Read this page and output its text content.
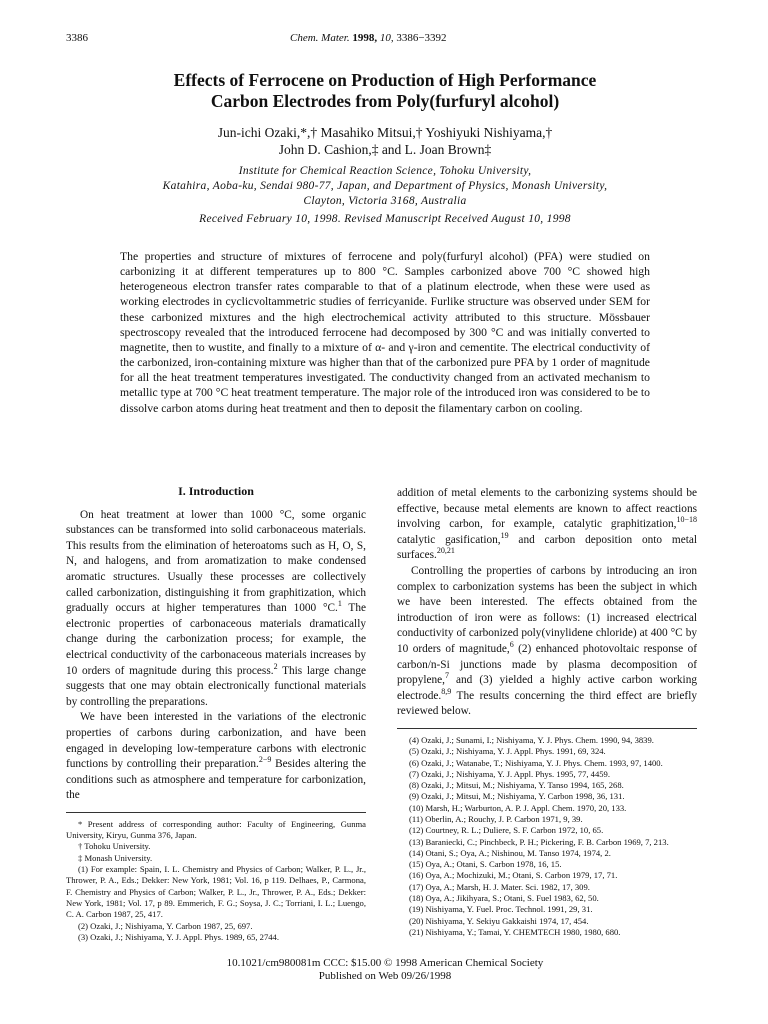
3386	Chem. Mater. 1998, 10, 3386−3392
Effects of Ferrocene on Production of High Performance
Carbon Electrodes from Poly(furfuryl alcohol)
Jun-ichi Ozaki,*,† Masahiko Mitsui,† Yoshiyuki Nishiyama,†
John D. Cashion,‡ and L. Joan Brown‡
Institute for Chemical Reaction Science, Tohoku University,
Katahira, Aoba-ku, Sendai 980-77, Japan, and Department of Physics, Monash University,
Clayton, Victoria 3168, Australia
Received February 10, 1998. Revised Manuscript Received August 10, 1998
The properties and structure of mixtures of ferrocene and poly(furfuryl alcohol) (PFA) were studied on carbonizing it at different temperatures up to 800 °C. Samples carbonized above 700 °C showed high heterogeneous electron transfer rates comparable to that of a platinum electrode, when these were used as working electrodes in cyclicvoltammetric studies of ferricyanide. Furlike structure was observed under SEM for these carbonized mixtures and the high electrochemical activity attributed to this structure. Mössbauer spectroscopy revealed that the introduced ferrocene had decomposed by 300 °C and was initially converted to magnetite, then to wustite, and finally to a mixture of α- and γ-iron and cementite. The electrical conductivity of the carbonized, iron-containing mixture was higher than that of the carbonized pure PFA by 1 order of magnitude for all the heat treatment temperatures investigated. The conductivity changed from an activated mechanism to metallic type at 700 °C heat treatment temperature. The major role of the introduced iron was considered to be to dissolve carbon atoms during heat treatment and then to deposit the filamentary carbon on cooling.
I. Introduction

On heat treatment at lower than 1000 °C, some organic substances can be transformed into solid carbonaceous materials. This results from the elimination of heteroatoms such as H, O, S, N, and halogens, and from aromatization to make condensed aromatic structures. Usually these processes are collectively called carbonization, distinguishing it from graphitization, which gradually occurs at higher temperatures than 1000 °C.$^1$ The electronic properties of carbonaceous materials dramatically change during the carbonization process; for example, the electrical conductivity of the carbonaceous materials increases by 10 orders of magnitude during this process.$^2$ This large change suggests that one may obtain electronically functional materials by controlling the preparations.

We have been interested in the variations of the electronic properties of carbons during carbonization, and have been engaged in developing low-temperature carbons with electronic functions by controlling their preparation.$^{2-9}$ Besides altering the conditions such as atmosphere and temperature for carbonization, the

* Present address of corresponding author: Faculty of Engineering, Gunma University, Kiryu, Gunma 376, Japan.

† Tohoku University.

‡ Monash University.

(1) For example: Spain, I. L. Chemistry and Physics of Carbon; Walker, P. L., Jr., Thrower, P. A., Eds.; Dekker: New York, 1981; Vol. 16, p 119. Delhaes, P., Carmona, F. Chemistry and Physics of Carbon; Walker, P. L., Jr., Thrower, P. A., Eds.; Dekker: New York, 1981; Vol. 17, p 89. Emmerich, F. G.; Soysa, J. C.; Torriani, I. L.; Luengo, C. A. Carbon 1987, 25, 417.

(2) Ozaki, J.; Nishiyama, Y. Carbon 1987, 25, 697.

(3) Ozaki, J.; Nishiyama, Y. J. Appl. Phys. 1989, 65, 2744.

addition of metal elements to the carbonizing systems should be effective, because metal elements are known to affect reactions involving carbon, for example, catalytic graphitization,$^{10-18}$ catalytic gasification,$^{19}$ and carbon deposition onto metal surfaces.$^{20,21}$

Controlling the properties of carbons by introducing an iron complex to carbonization systems has been the subject in which we have been interested. The effects obtained from the introduction of iron were as follows: (1) increased electrical conductivity of carbonized poly(vinylidene chloride) at 400 °C by 10 orders of magnitude,$^6$ (2) enhanced photovoltaic response of carbon/n-Si junctions made by plasma decomposition of propylene,$^7$ and (3) yielded a highly active carbon working electrode.$^{8,9}$ The results concerning the third effect are briefly reviewed below.

(4) Ozaki, J.; Sunami, I.; Nishiyama, Y. J. Phys. Chem. 1990, 94, 3839.

(5) Ozaki, J.; Nishiyama, Y. J. Appl. Phys. 1991, 69, 324.

(6) Ozaki, J.; Watanabe, T.; Nishiyama, Y. J. Phys. Chem. 1993, 97, 1400.

(7) Ozaki, J.; Nishiyama, Y. J. Appl. Phys. 1995, 77, 4459.

(8) Ozaki, J.; Mitsui, M.; Nishiyama, Y. Tanso 1994, 165, 268.

(9) Ozaki, J.; Mitsui, M.; Nishiyama, Y. Carbon 1998, 36, 131.

(10) Marsh, H.; Warburton, A. P. J. Appl. Chem. 1970, 20, 133.

(11) Oberlin, A.; Rouchy, J. P. Carbon 1971, 9, 39.

(12) Courtney, R. L.; Duliere, S. F. Carbon 1972, 10, 65.

(13) Baraniecki, C.; Pinchbeck, P. H.; Pickering, F. B. Carbon 1969, 7, 213.

(14) Otani, S.; Oya, A.; Nishinou, M. Tanso 1974, 1974, 2.

(15) Oya, A.; Otani, S. Carbon 1978, 16, 15.

(16) Oya, A.; Mochizuki, M.; Otani, S. Carbon 1979, 17, 71.

(17) Oya, A.; Marsh, H. J. Mater. Sci. 1982, 17, 309.

(18) Oya, A.; Jikihyara, S.; Otani, S. Fuel 1983, 62, 50.

(19) Nishiyama, Y. Fuel. Proc. Technol. 1991, 29, 31.

(20) Nishiyama, Y. Sekiyu Gakkaishi 1974, 17, 454.

(21) Nishiyama, Y.; Tamai, Y. CHEMTECH 1980, 1980, 680.

10.1021/cm980081m CCC: $15.00 © 1998 American Chemical Society
Published on Web 09/26/1998
